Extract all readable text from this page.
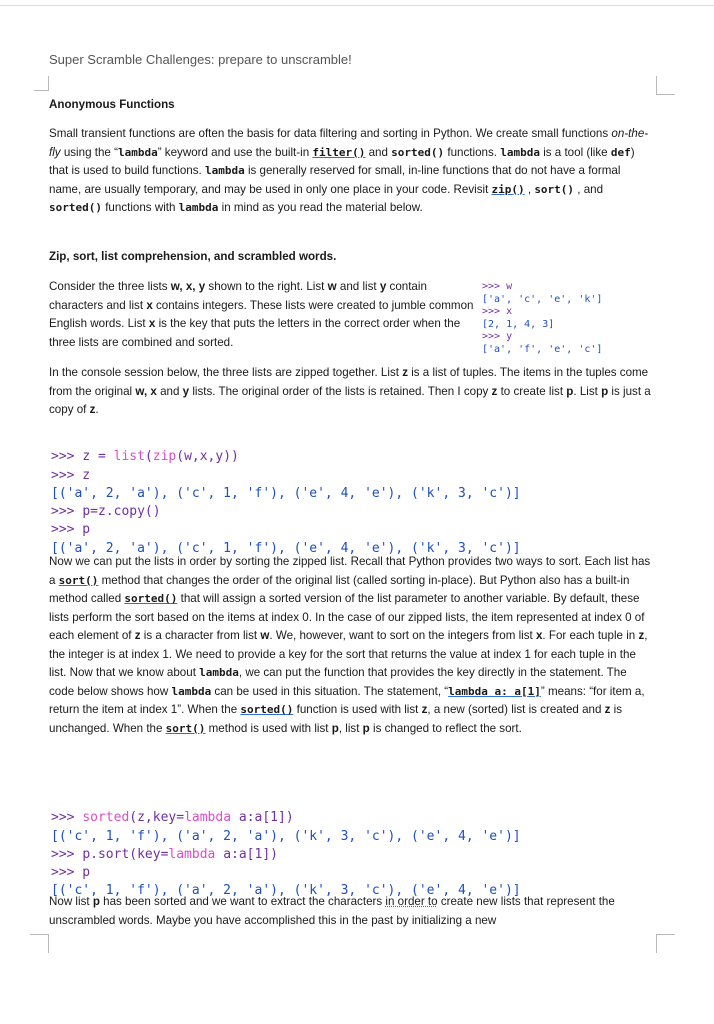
Super Scramble Challenges: prepare to unscramble!
Anonymous Functions
Small transient functions are often the basis for data filtering and sorting in Python. We create small functions on-the-fly using the “lambda” keyword and use the built-in filter() and sorted() functions. lambda is a tool (like def) that is used to build functions. lambda is generally reserved for small, in-line functions that do not have a formal name, are usually temporary, and may be used in only one place in your code. Revisit zip() , sort() , and sorted() functions with lambda in mind as you read the material below.
Zip, sort, list comprehension, and scrambled words.
Consider the three lists w, x, y shown to the right. List w and list y contain characters and list x contains integers. These lists were created to jumble common English words. List x is the key that puts the letters in the correct order when the three lists are combined and sorted.
>>> w
['a', 'c', 'e', 'k']
>>> x
[2, 1, 4, 3]
>>> y
['a', 'f', 'e', 'c']
In the console session below, the three lists are zipped together. List z is a list of tuples. The items in the tuples come from the original w, x and y lists. The original order of the lists is retained. Then I copy z to create list p. List p is just a copy of z.

>>> z = list(zip(w,x,y))
>>> z
[('a', 2, 'a'), ('c', 1, 'f'), ('e', 4, 'e'), ('k', 3, 'c')]
>>> p=z.copy()
>>> p
[('a', 2, 'a'), ('c', 1, 'f'), ('e', 4, 'e'), ('k', 3, 'c')]
Now we can put the lists in order by sorting the zipped list. Recall that Python provides two ways to sort. Each list has a sort() method that changes the order of the original list (called sorting in-place). But Python also has a built-in method called sorted() that will assign a sorted version of the list parameter to another variable. By default, these lists perform the sort based on the items at index 0. In the case of our zipped lists, the item represented at index 0 of each element of z is a character from list w. We, however, want to sort on the integers from list x. For each tuple in z, the integer is at index 1. We need to provide a key for the sort that returns the value at index 1 for each tuple in the list. Now that we know about lambda, we can put the function that provides the key directly in the statement. The code below shows how lambda can be used in this situation. The statement, “lambda a: a[1]” means: “for item a, return the item at index 1”. When the sorted() function is used with list z, a new (sorted) list is created and z is unchanged. When the sort() method is used with list p, list p is changed to reflect the sort.

>>> sorted(z,key=lambda a:a[1])
[('c', 1, 'f'), ('a', 2, 'a'), ('k', 3, 'c'), ('e', 4, 'e')]
>>> p.sort(key=lambda a:a[1])
>>> p
[('c', 1, 'f'), ('a', 2, 'a'), ('k', 3, 'c'), ('e', 4, 'e')]
Now list p has been sorted and we want to extract the characters in order to create new lists that represent the unscrambled words. Maybe you have accomplished this in the past by initializing a new
